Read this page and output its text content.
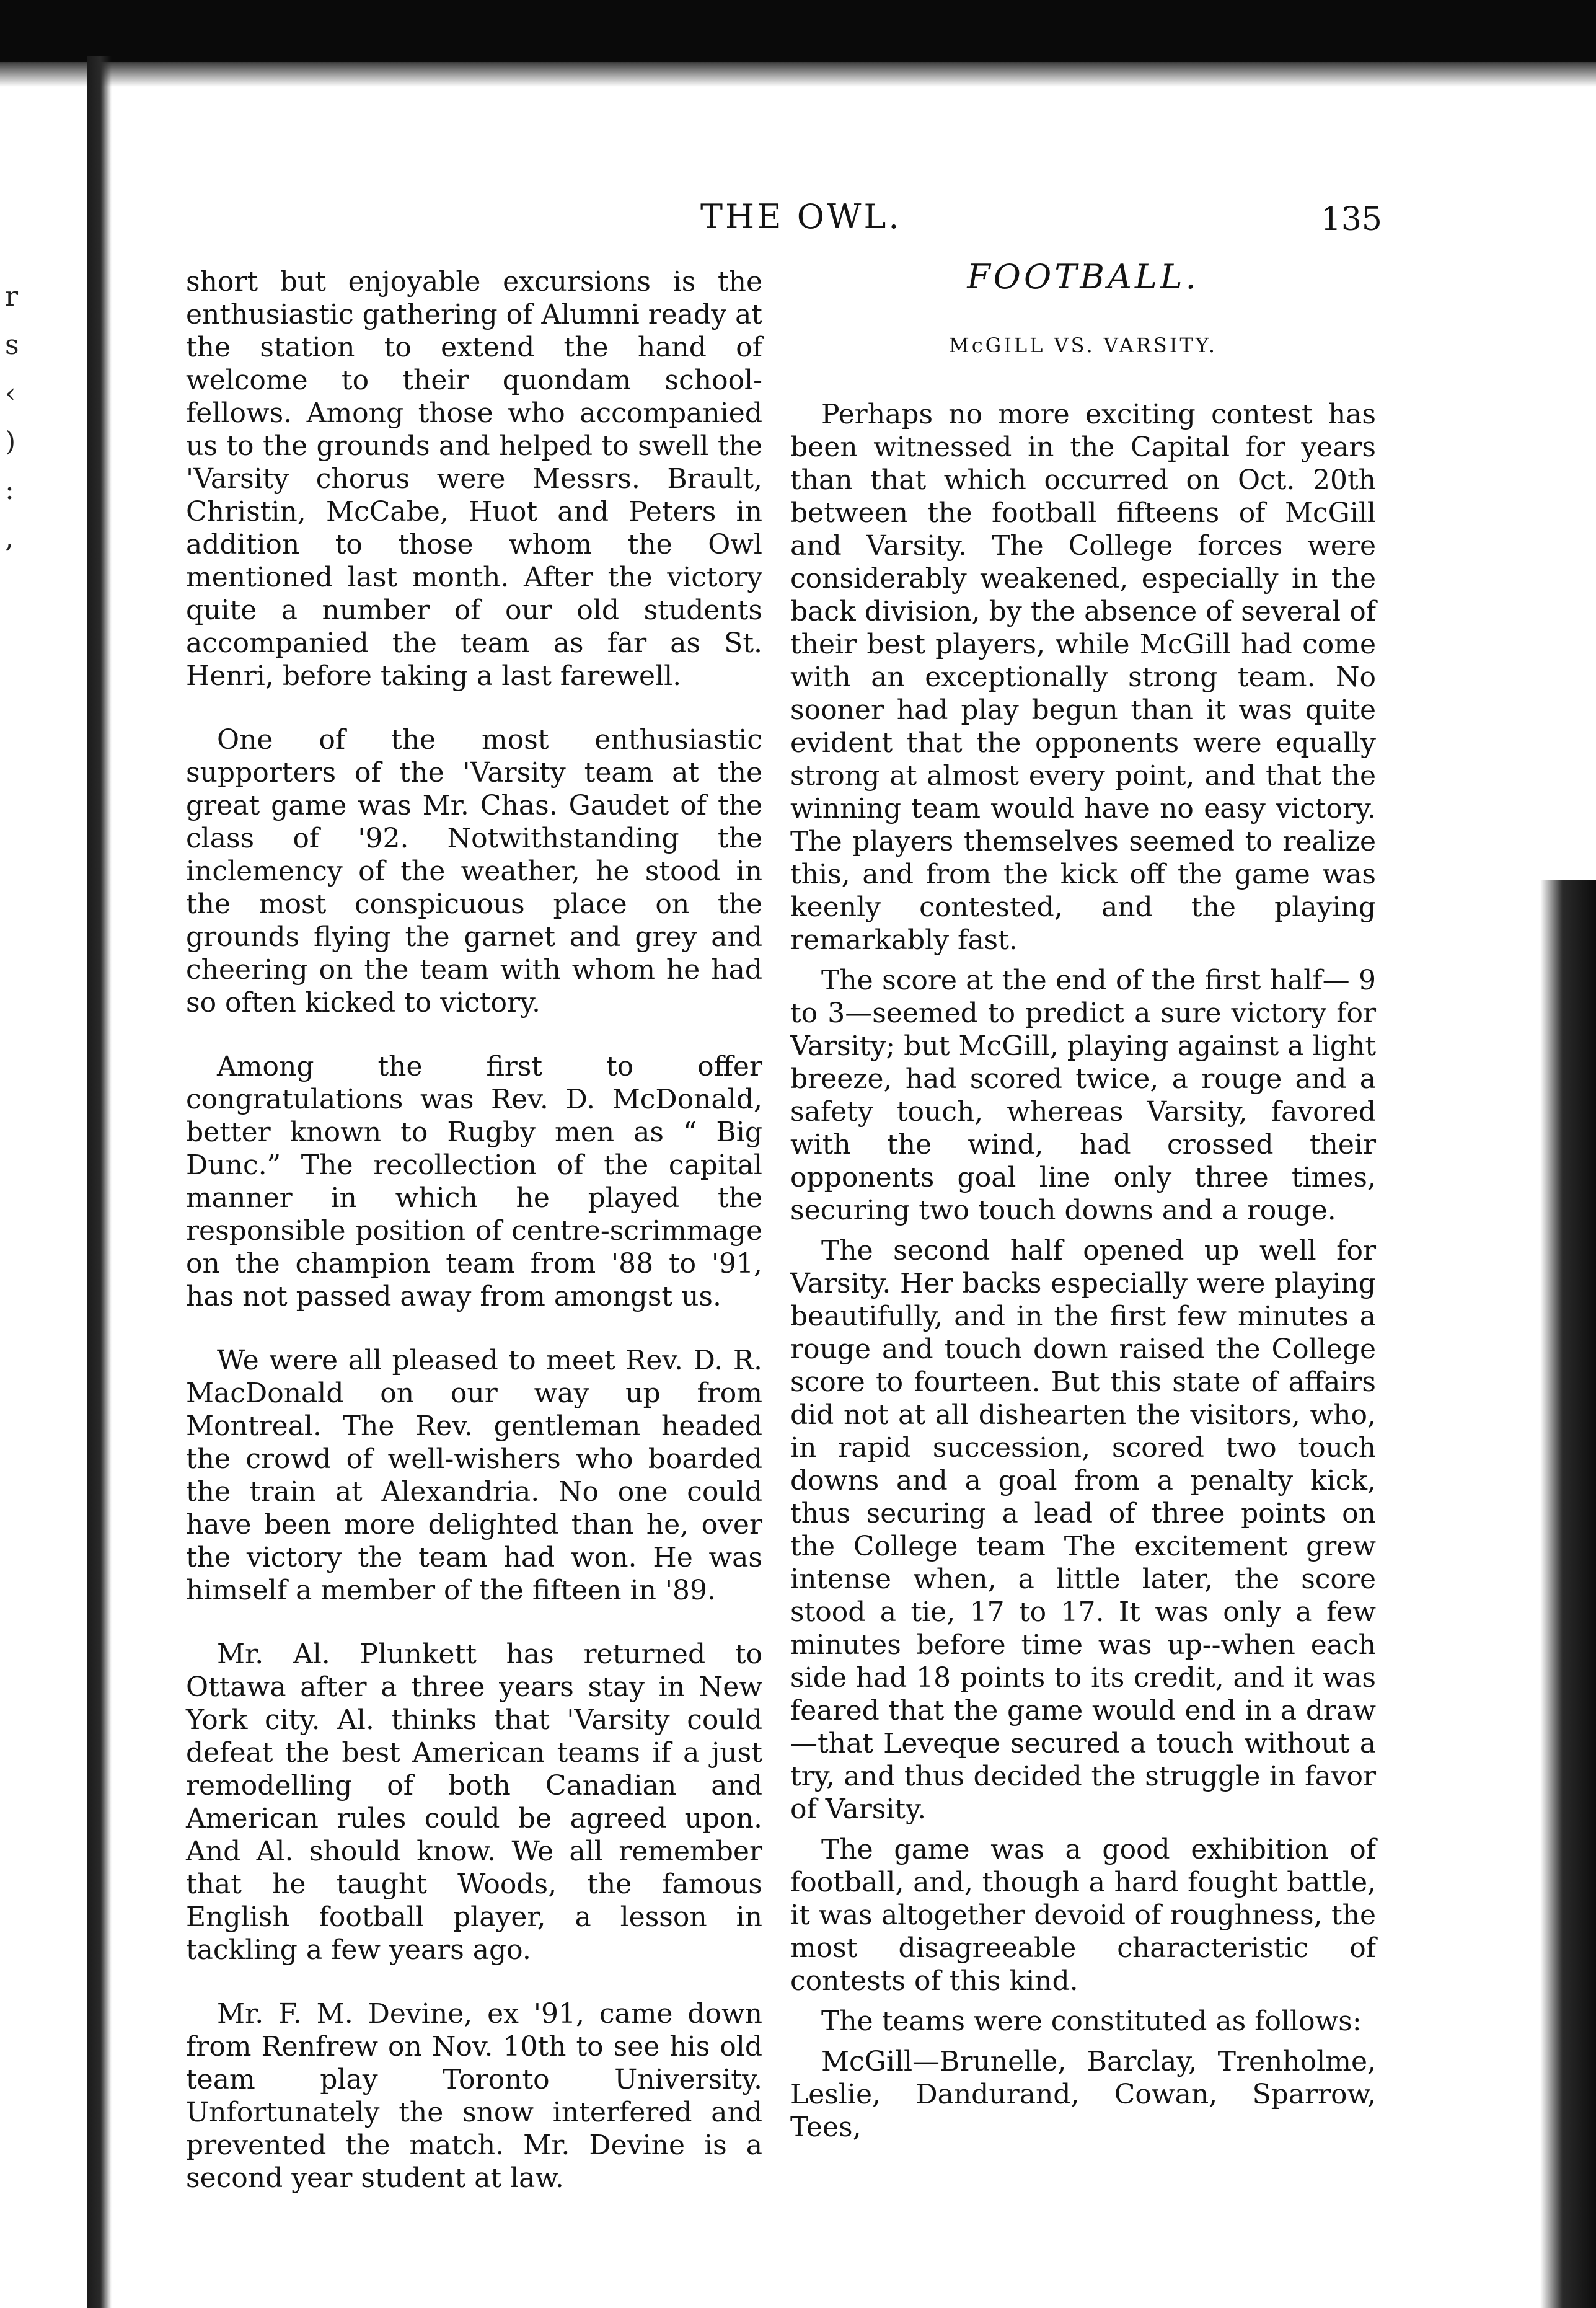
r
s
‹
)
:
,
THE OWL.	135

short but enjoyable excursions is the enthusiastic gathering of Alumni ready at the station to extend the hand of welcome to their quondam school-fellows. Among those who accompanied us to the grounds and helped to swell the 'Varsity chorus were Messrs. Brault, Christin, McCabe, Huot and Peters in addition to those whom the Owl mentioned last month. After the victory quite a number of our old students accompanied the team as far as St. Henri, before taking a last farewell.

One of the most enthusiastic supporters of the 'Varsity team at the great game was Mr. Chas. Gaudet of the class of '92. Notwithstanding the inclemency of the weather, he stood in the most conspicuous place on the grounds flying the garnet and grey and cheering on the team with whom he had so often kicked to victory.

Among the first to offer congratulations was Rev. D. McDonald, better known to Rugby men as “ Big Dunc.” The recollection of the capital manner in which he played the responsible position of centre-scrimmage on the champion team from '88 to '91, has not passed away from amongst us.

We were all pleased to meet Rev. D. R. MacDonald on our way up from Montreal. The Rev. gentleman headed the crowd of well-wishers who boarded the train at Alexandria. No one could have been more delighted than he, over the victory the team had won. He was himself a member of the fifteen in '89.

Mr. Al. Plunkett has returned to Ottawa after a three years stay in New York city. Al. thinks that 'Varsity could defeat the best American teams if a just remodelling of both Canadian and American rules could be agreed upon. And Al. should know. We all remember that he taught Woods, the famous English football player, a lesson in tackling a few years ago.

Mr. F. M. Devine, ex '91, came down from Renfrew on Nov. 10th to see his old team play Toronto University. Unfortunately the snow interfered and prevented the match. Mr. Devine is a second year student at law.

FOOTBALL.
McGILL VS. VARSITY.

Perhaps no more exciting contest has been witnessed in the Capital for years than that which occurred on Oct. 20th between the football fifteens of McGill and Varsity. The College forces were considerably weakened, especially in the back division, by the absence of several of their best players, while McGill had come with an exceptionally strong team. No sooner had play begun than it was quite evident that the opponents were equally strong at almost every point, and that the winning team would have no easy victory. The players themselves seemed to realize this, and from the kick off the game was keenly contested, and the playing remarkably fast.

The score at the end of the first half— 9 to 3—seemed to predict a sure victory for Varsity; but McGill, playing against a light breeze, had scored twice, a rouge and a safety touch, whereas Varsity, favored with the wind, had crossed their opponents goal line only three times, securing two touch downs and a rouge.

The second half opened up well for Varsity. Her backs especially were playing beautifully, and in the first few minutes a rouge and touch down raised the College score to fourteen. But this state of affairs did not at all dishearten the visitors, who, in rapid succession, scored two touch downs and a goal from a penalty kick, thus securing a lead of three points on the College team The excitement grew intense when, a little later, the score stood a tie, 17 to 17. It was only a few minutes before time was up--when each side had 18 points to its credit, and it was feared that the game would end in a draw—that Leveque secured a touch without a try, and thus decided the struggle in favor of Varsity.

The game was a good exhibition of football, and, though a hard fought battle, it was altogether devoid of roughness, the most disagreeable characteristic of contests of this kind.

The teams were constituted as follows:

McGill—Brunelle, Barclay, Trenholme, Leslie, Dandurand, Cowan, Sparrow, Tees,
